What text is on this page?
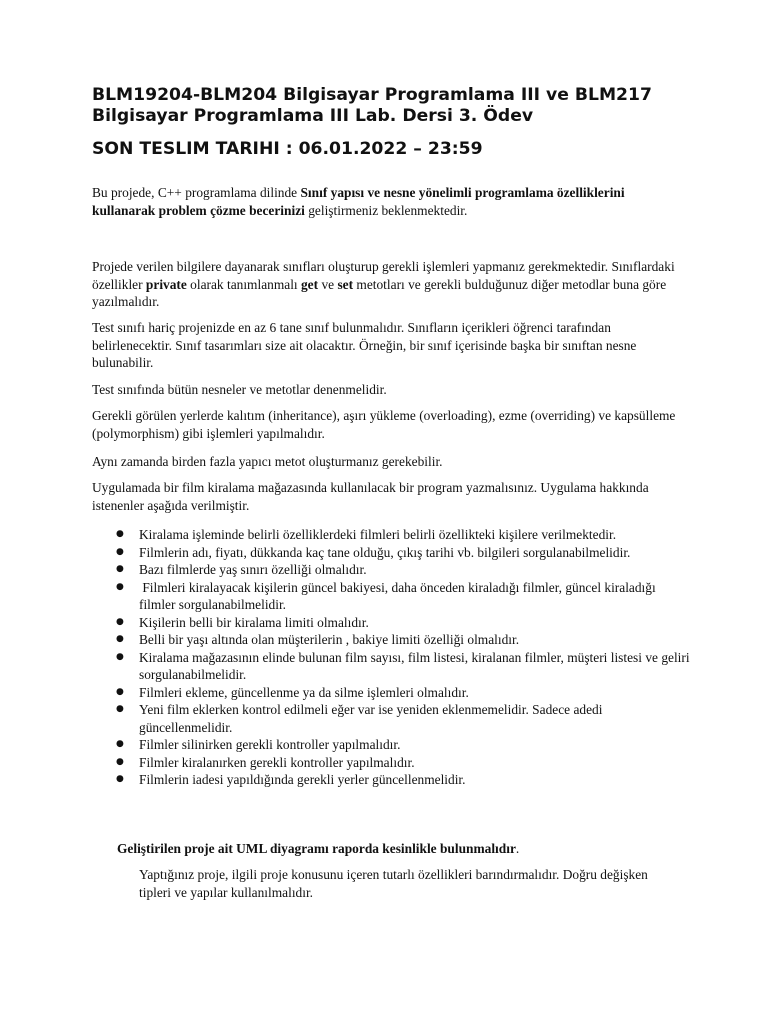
BLM19204-BLM204 Bilgisayar Programlama III ve BLM217 Bilgisayar Programlama III Lab. Dersi 3. Ödev
SON TESLIM TARIHI : 06.01.2022 – 23:59

Bu projede, C++ programlama dilinde Sınıf yapısı ve nesne yönelimli programlama özelliklerini kullanarak problem çözme becerinizi geliştirmeniz beklenmektedir.

Projede verilen bilgilere dayanarak sınıfları oluşturup gerekli işlemleri yapmanız gerekmektedir. Sınıflardaki özellikler private olarak tanımlanmalı get ve set metotları ve gerekli bulduğunuz diğer metodlar buna göre yazılmalıdır.

Test sınıfı hariç projenizde en az 6 tane sınıf bulunmalıdır. Sınıfların içerikleri öğrenci tarafından belirlenecektir. Sınıf tasarımları size ait olacaktır. Örneğin, bir sınıf içerisinde başka bir sınıftan nesne bulunabilir.

Test sınıfında bütün nesneler ve metotlar denenmelidir.

Gerekli görülen yerlerde kalıtım (inheritance), aşırı yükleme (overloading), ezme (overriding) ve kapsülleme (polymorphism) gibi işlemleri yapılmalıdır.

Aynı zamanda birden fazla yapıcı metot oluşturmanız gerekebilir.

Uygulamada bir film kiralama mağazasında kullanılacak bir program yazmalısınız. Uygulama hakkında istenenler aşağıda verilmiştir.

●
Kiralama işleminde belirli özelliklerdeki filmleri belirli özellikteki kişilere verilmektedir.
●
Filmlerin adı, fiyatı, dükkanda kaç tane olduğu, çıkış tarihi vb. bilgileri sorgulanabilmelidir.
●
Bazı filmlerde yaş sınırı özelliği olmalıdır.
●
Filmleri kiralayacak kişilerin güncel bakiyesi, daha önceden kiraladığı filmler, güncel kiraladığı filmler sorgulanabilmelidir.
●
Kişilerin belli bir kiralama limiti olmalıdır.
●
Belli bir yaşı altında olan müşterilerin , bakiye limiti özelliği olmalıdır.
●
Kiralama mağazasının elinde bulunan film sayısı, film listesi, kiralanan filmler, müşteri listesi ve geliri sorgulanabilmelidir.
●
Filmleri ekleme, güncellenme ya da silme işlemleri olmalıdır.
●
Yeni film eklerken kontrol edilmeli eğer var ise yeniden eklenmemelidir. Sadece adedi güncellenmelidir.
●
Filmler silinirken gerekli kontroller yapılmalıdır.
●
Filmler kiralanırken gerekli kontroller yapılmalıdır.
●
Filmlerin iadesi yapıldığında gerekli yerler güncellenmelidir.

Geliştirilen proje ait UML diyagramı raporda kesinlikle bulunmalıdır.

Yaptığınız proje, ilgili proje konusunu içeren tutarlı özellikleri barındırmalıdır. Doğru değişken tipleri ve yapılar kullanılmalıdır.
